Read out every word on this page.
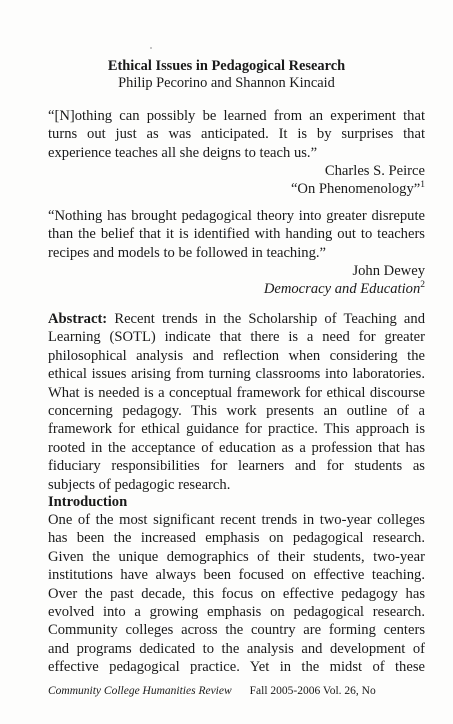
Ethical Issues in Pedagogical Research
Philip Pecorino and Shannon Kincaid
“[N]othing can possibly be learned from an experiment that
turns out just as was anticipated. It is by surprises that
experience teaches all she deigns to teach us.”
Charles S. Peirce
“On Phenomenology”$^1$
“Nothing has brought pedagogical theory into greater disrepute
than the belief that it is identified with handing out to teachers
recipes and models to be followed in teaching.”
John Dewey
Democracy and Education$^2$
Abstract: Recent trends in the Scholarship of Teaching and
Learning (SOTL) indicate that there is a need for greater
philosophical analysis and reflection when considering the
ethical issues arising from turning classrooms into laboratories.
What is needed is a conceptual framework for ethical discourse
concerning pedagogy. This work presents an outline of a
framework for ethical guidance for practice. This approach is
rooted in the acceptance of education as a profession that has
fiduciary responsibilities for learners and for students as
subjects of pedagogic research.
Introduction
One of the most significant recent trends in two-year colleges
has been the increased emphasis on pedagogical research.
Given the unique demographics of their students, two-year
institutions have always been focused on effective teaching.
Over the past decade, this focus on effective pedagogy has
evolved into a growing emphasis on pedagogical research.
Community colleges across the country are forming centers
and programs dedicated to the analysis and development of
effective pedagogical practice. Yet in the midst of these
Community College Humanities Review Fall 2005-2006 Vol. 26, No
